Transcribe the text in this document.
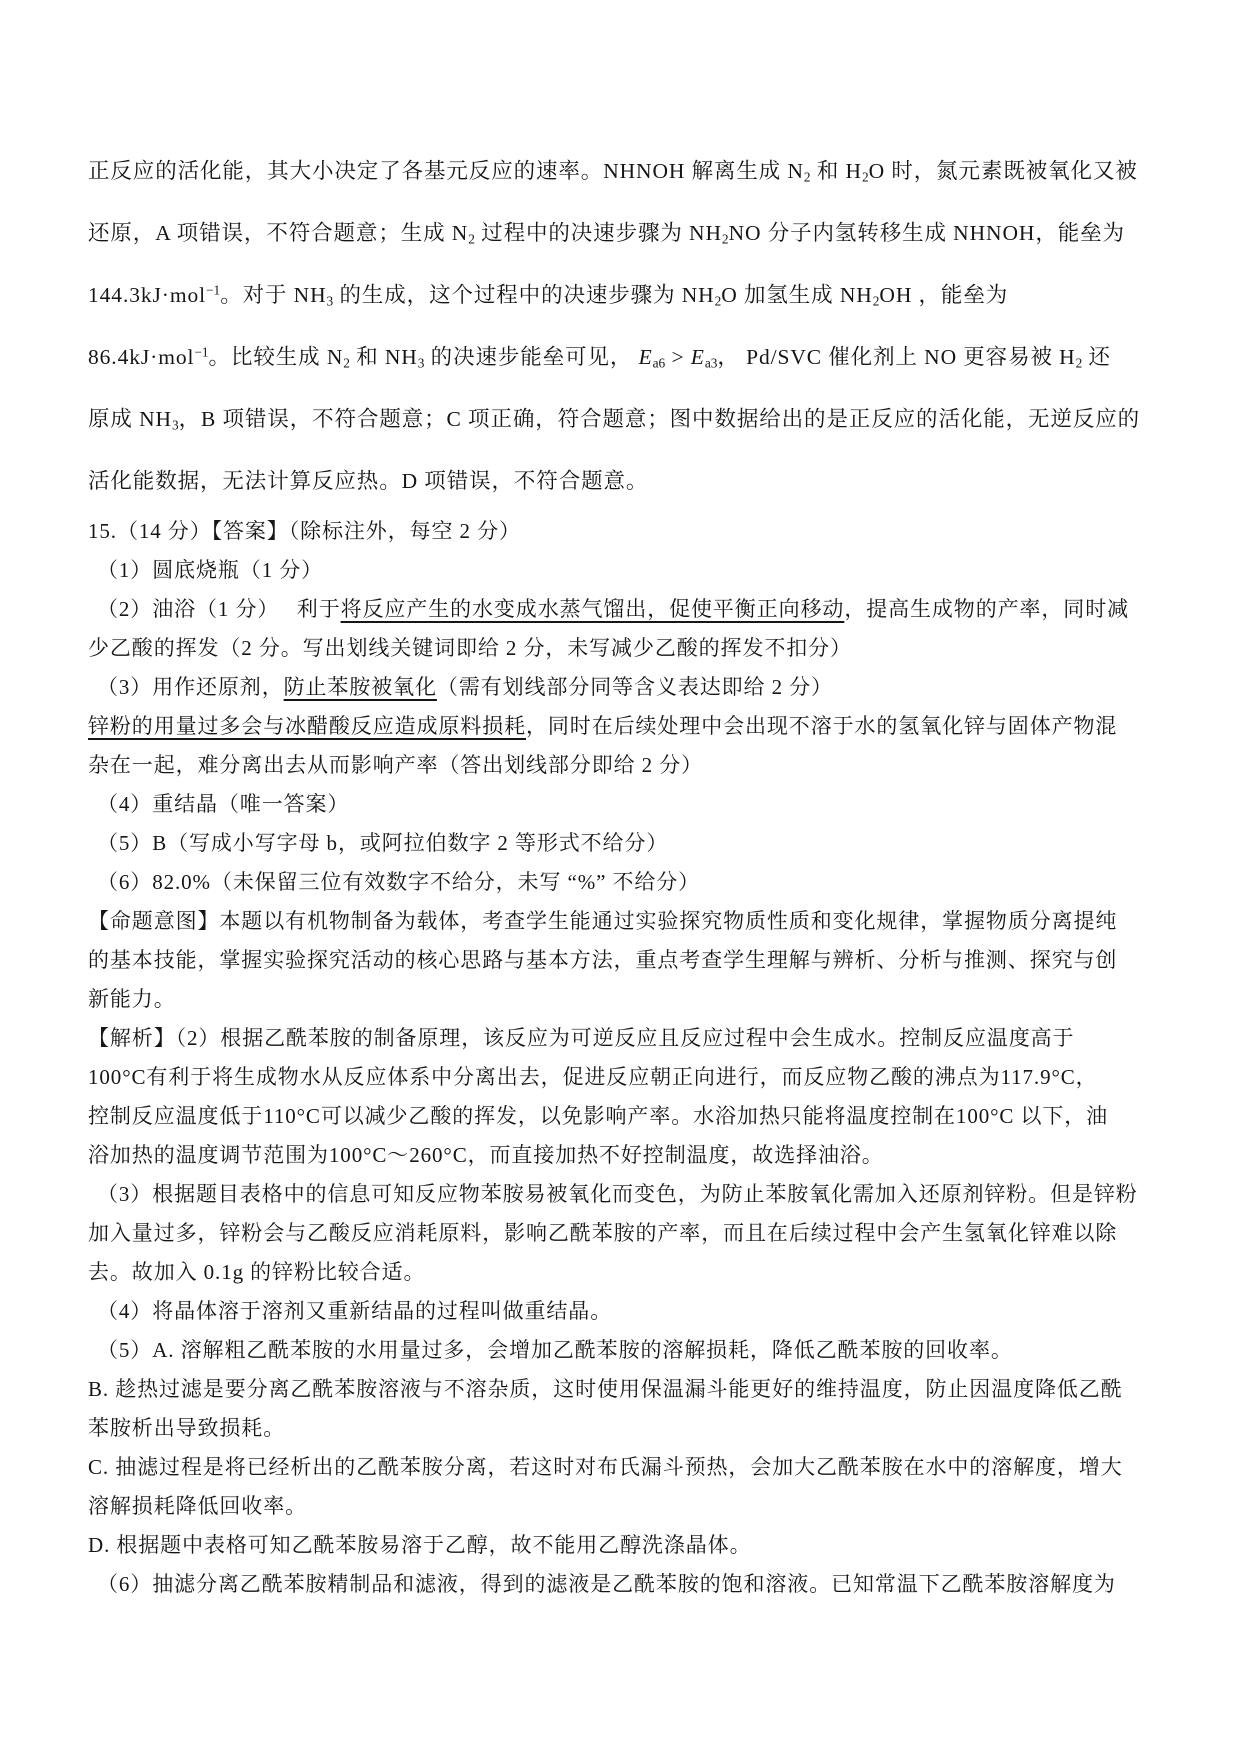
正反应的活化能，其大小决定了各基元反应的速率。NHNOH 解离生成 $N_2$ 和 $H_2O$ 时，氮元素既被氧化又被

还原，A 项错误，不符合题意；生成 $N_2$ 过程中的决速步骤为 $NH_2NO$ 分子内氢转移生成 NHNOH，能垒为

144.3kJ·mol$^{-1}$。对于 $NH_3$ 的生成，这个过程中的决速步骤为 $NH_2O$ 加氢生成 $NH_2OH$ ，能垒为

86.4kJ·mol$^{-1}$。比较生成 $N_2$ 和 $NH_3$ 的决速步能垒可见， $E_{a6} > E_{a3}$， Pd/SVC 催化剂上 NO 更容易被 $H_2$ 还

原成 $NH_3$，B 项错误，不符合题意；C 项正确，符合题意；图中数据给出的是正反应的活化能，无逆反应的

活化能数据，无法计算反应热。D 项错误，不符合题意。

15.（14 分）【答案】（除标注外，每空 2 分）

（1）圆底烧瓶（1 分）

（2）油浴（1 分）　 利于将反应产生的水变成水蒸气馏出，促使平衡正向移动，提高生成物的产率，同时减

少乙酸的挥发（2 分。写出划线关键词即给 2 分，未写减少乙酸的挥发不扣分）

（3）用作还原剂，防止苯胺被氧化（需有划线部分同等含义表达即给 2 分）

锌粉的用量过多会与冰醋酸反应造成原料损耗，同时在后续处理中会出现不溶于水的氢氧化锌与固体产物混

杂在一起，难分离出去从而影响产率（答出划线部分即给 2 分）

（4）重结晶（唯一答案）

（5）B（写成小写字母 b，或阿拉伯数字 2 等形式不给分）

（6）82.0%（未保留三位有效数字不给分，未写 “%” 不给分）

【命题意图】本题以有机物制备为载体，考查学生能通过实验探究物质性质和变化规律，掌握物质分离提纯

的基本技能，掌握实验探究活动的核心思路与基本方法，重点考查学生理解与辨析、分析与推测、探究与创

新能力。

【解析】（2）根据乙酰苯胺的制备原理，该反应为可逆反应且反应过程中会生成水。控制反应温度高于

100°C有利于将生成物水从反应体系中分离出去，促进反应朝正向进行，而反应物乙酸的沸点为117.9°C，

控制反应温度低于110°C可以减少乙酸的挥发，以免影响产率。水浴加热只能将温度控制在100°C 以下，油

浴加热的温度调节范围为100°C～260°C，而直接加热不好控制温度，故选择油浴。

（3）根据题目表格中的信息可知反应物苯胺易被氧化而变色，为防止苯胺氧化需加入还原剂锌粉。但是锌粉

加入量过多，锌粉会与乙酸反应消耗原料，影响乙酰苯胺的产率，而且在后续过程中会产生氢氧化锌难以除

去。故加入 0.1g 的锌粉比较合适。

（4）将晶体溶于溶剂又重新结晶的过程叫做重结晶。

（5）A. 溶解粗乙酰苯胺的水用量过多，会增加乙酰苯胺的溶解损耗，降低乙酰苯胺的回收率。

B. 趁热过滤是要分离乙酰苯胺溶液与不溶杂质，这时使用保温漏斗能更好的维持温度，防止因温度降低乙酰

苯胺析出导致损耗。

C. 抽滤过程是将已经析出的乙酰苯胺分离，若这时对布氏漏斗预热，会加大乙酰苯胺在水中的溶解度，增大

溶解损耗降低回收率。

D. 根据题中表格可知乙酰苯胺易溶于乙醇，故不能用乙醇洗涤晶体。

（6）抽滤分离乙酰苯胺精制品和滤液，得到的滤液是乙酰苯胺的饱和溶液。已知常温下乙酰苯胺溶解度为
